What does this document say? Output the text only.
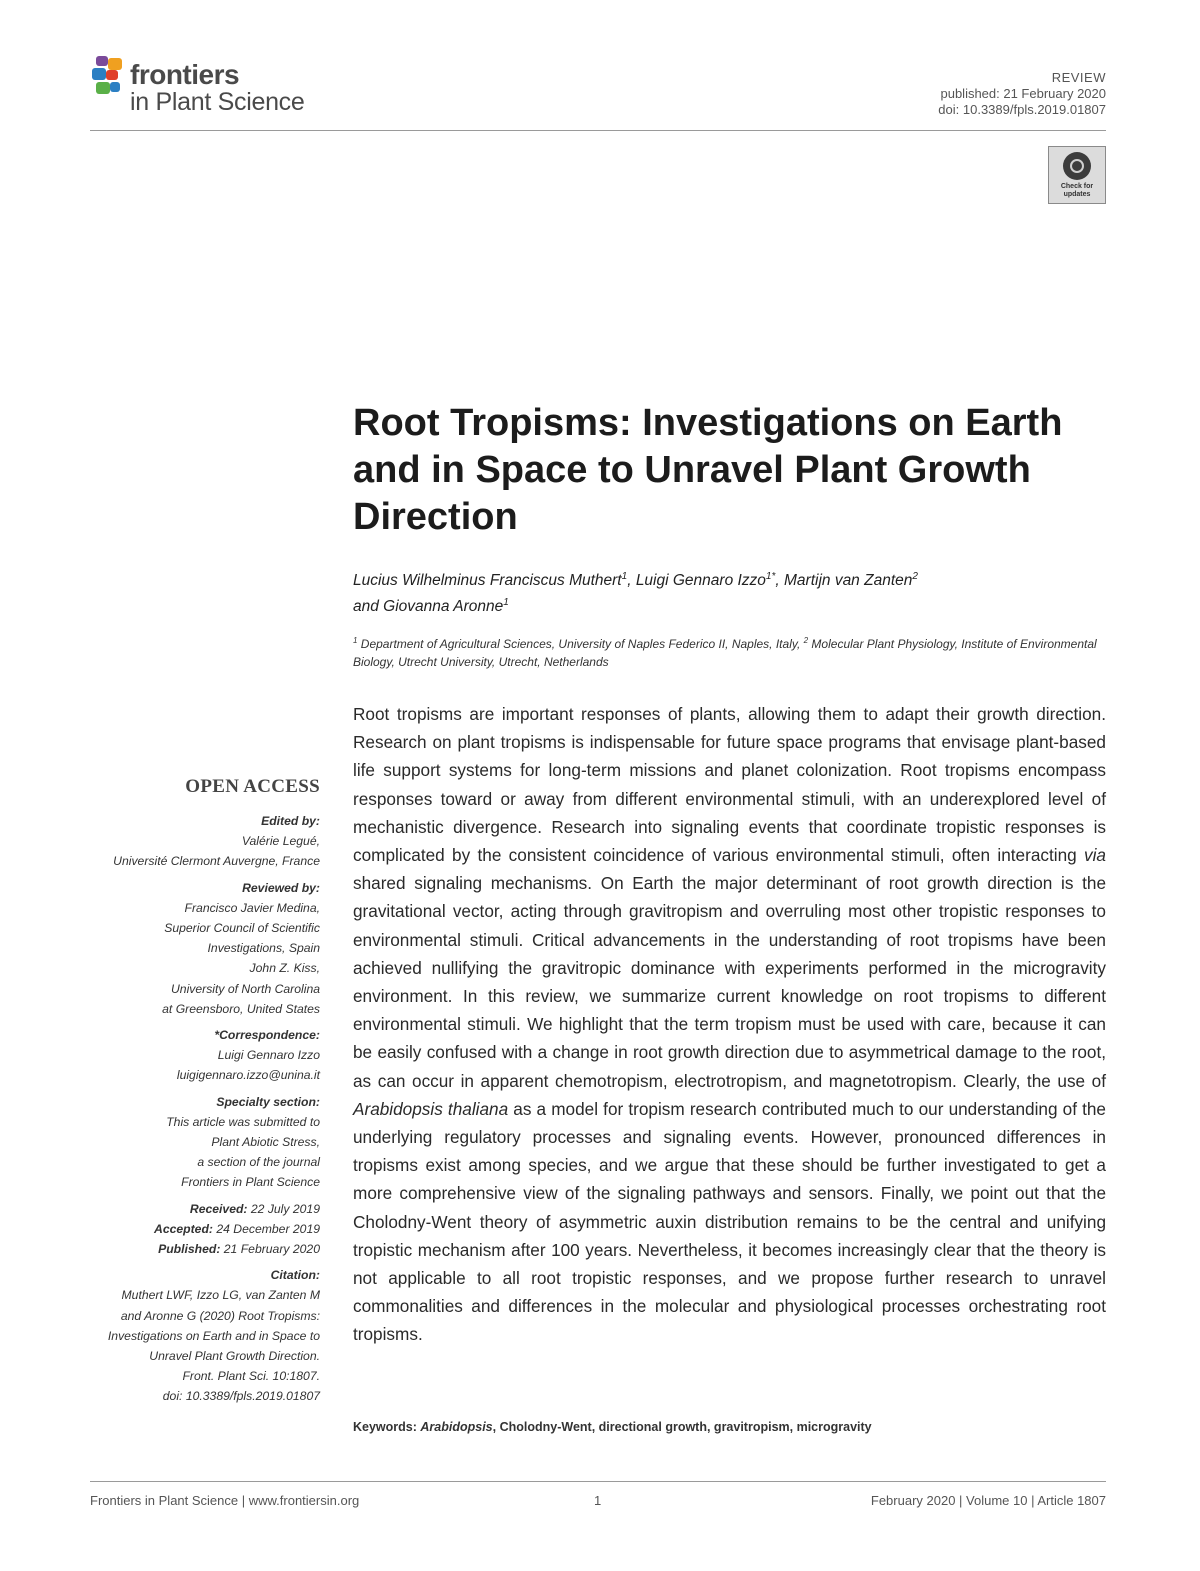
frontiers
in Plant Science
REVIEW
published: 21 February 2020
doi: 10.3389/fpls.2019.01807
Check for updates
Root Tropisms: Investigations on Earth and in Space to Unravel Plant Growth Direction
Lucius Wilhelminus Franciscus Muthert$^1$, Luigi Gennaro Izzo$^{1*}$, Martijn van Zanten$^2$
and Giovanna Aronne$^1$
$^1$ Department of Agricultural Sciences, University of Naples Federico II, Naples, Italy, $^2$ Molecular Plant Physiology, Institute of Environmental Biology, Utrecht University, Utrecht, Netherlands
Root tropisms are important responses of plants, allowing them to adapt their growth direction. Research on plant tropisms is indispensable for future space programs that envisage plant-based life support systems for long-term missions and planet colonization. Root tropisms encompass responses toward or away from different environmental stimuli, with an underexplored level of mechanistic divergence. Research into signaling events that coordinate tropistic responses is complicated by the consistent coincidence of various environmental stimuli, often interacting via shared signaling mechanisms. On Earth the major determinant of root growth direction is the gravitational vector, acting through gravitropism and overruling most other tropistic responses to environmental stimuli. Critical advancements in the understanding of root tropisms have been achieved nullifying the gravitropic dominance with experiments performed in the microgravity environment. In this review, we summarize current knowledge on root tropisms to different environmental stimuli. We highlight that the term tropism must be used with care, because it can be easily confused with a change in root growth direction due to asymmetrical damage to the root, as can occur in apparent chemotropism, electrotropism, and magnetotropism. Clearly, the use of Arabidopsis thaliana as a model for tropism research contributed much to our understanding of the underlying regulatory processes and signaling events. However, pronounced differences in tropisms exist among species, and we argue that these should be further investigated to get a more comprehensive view of the signaling pathways and sensors. Finally, we point out that the Cholodny-Went theory of asymmetric auxin distribution remains to be the central and unifying tropistic mechanism after 100 years. Nevertheless, it becomes increasingly clear that the theory is not applicable to all root tropistic responses, and we propose further research to unravel commonalities and differences in the molecular and physiological processes orchestrating root tropisms.
Keywords: Arabidopsis, Cholodny-Went, directional growth, gravitropism, microgravity
OPEN ACCESS
Edited by:
Valérie Legué,
Université Clermont Auvergne, France
Reviewed by:
Francisco Javier Medina,
Superior Council of Scientific
Investigations, Spain
John Z. Kiss,
University of North Carolina
at Greensboro, United States
*Correspondence:
Luigi Gennaro Izzo
luigigennaro.izzo@unina.it
Specialty section:
This article was submitted to
Plant Abiotic Stress,
a section of the journal
Frontiers in Plant Science
Received: 22 July 2019
Accepted: 24 December 2019
Published: 21 February 2020
Citation:
Muthert LWF, Izzo LG, van Zanten M
and Aronne G (2020) Root Tropisms:
Investigations on Earth and in Space to
Unravel Plant Growth Direction.
Front. Plant Sci. 10:1807.
doi: 10.3389/fpls.2019.01807
Frontiers in Plant Science | www.frontiersin.org	1	February 2020 | Volume 10 | Article 1807
